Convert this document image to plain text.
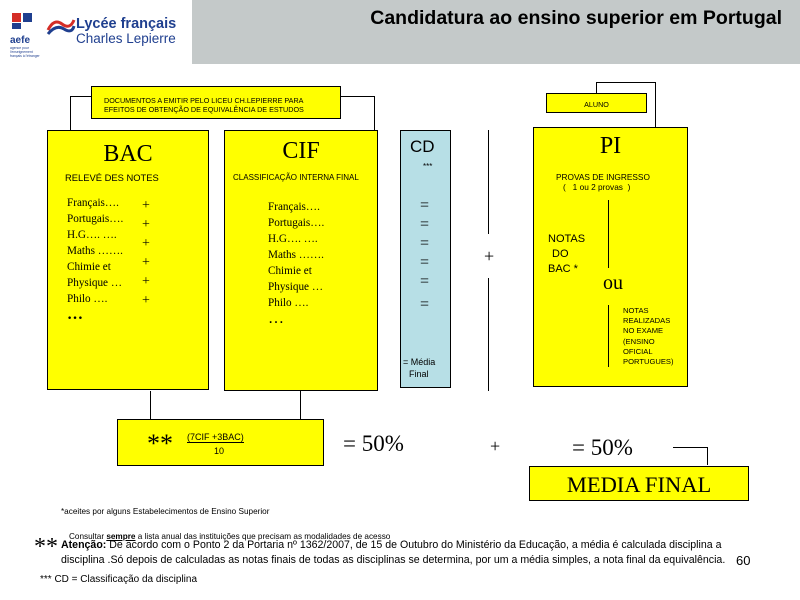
aefe
agence pour l'enseignement français à l'étranger
Lycée français
Charles Lepierre
Candidatura ao ensino superior em Portugal
DOCUMENTOS A EMITIR PELO LICEU CH.LEPIERRE PARA
EFEITOS DE OBTENÇÃO DE EQUIVALÊNCIA DE ESTUDOS
ALUNO
BAC
RELEVÉ DES NOTES
Français….
Portugais….
H.G…. ….
Maths …….
Chimie et
Physique …
Philo ….
…
+
+
+
+
+
+
CIF
CLASSIFICAÇÃO INTERNA FINAL
Français….
Portugais….
H.G…. ….
Maths …….
Chimie et
Physique …
Philo ….
…
CD
***
=
=
=
=
=
=
= Média
Final
+
PI
PROVAS DE INGRESSO
(   1 ou 2 provas  )
NOTAS
DO
BAC *
ou
NOTAS
REALIZADAS
NO EXAME
(ENSINO
OFICIAL
PORTUGUES)
** (7CIF +3BAC)
10	= 50%	+	= 50%
MEDIA FINAL
*aceites por alguns Estabelecimentos de Ensino Superior
Consultar sempre a lista anual das instituições que precisam as modalidades de acesso
** Atenção: De acordo com o Ponto 2 da Portaria nº 1362/2007, de 15 de Outubro do Ministério da Educação, a média é calculada disciplina a
disciplina .Só depois de calculadas as notas finais de todas as disciplinas se determina, por um a média simples, a nota final da equivalência. 60
*** CD = Classificação da disciplina
